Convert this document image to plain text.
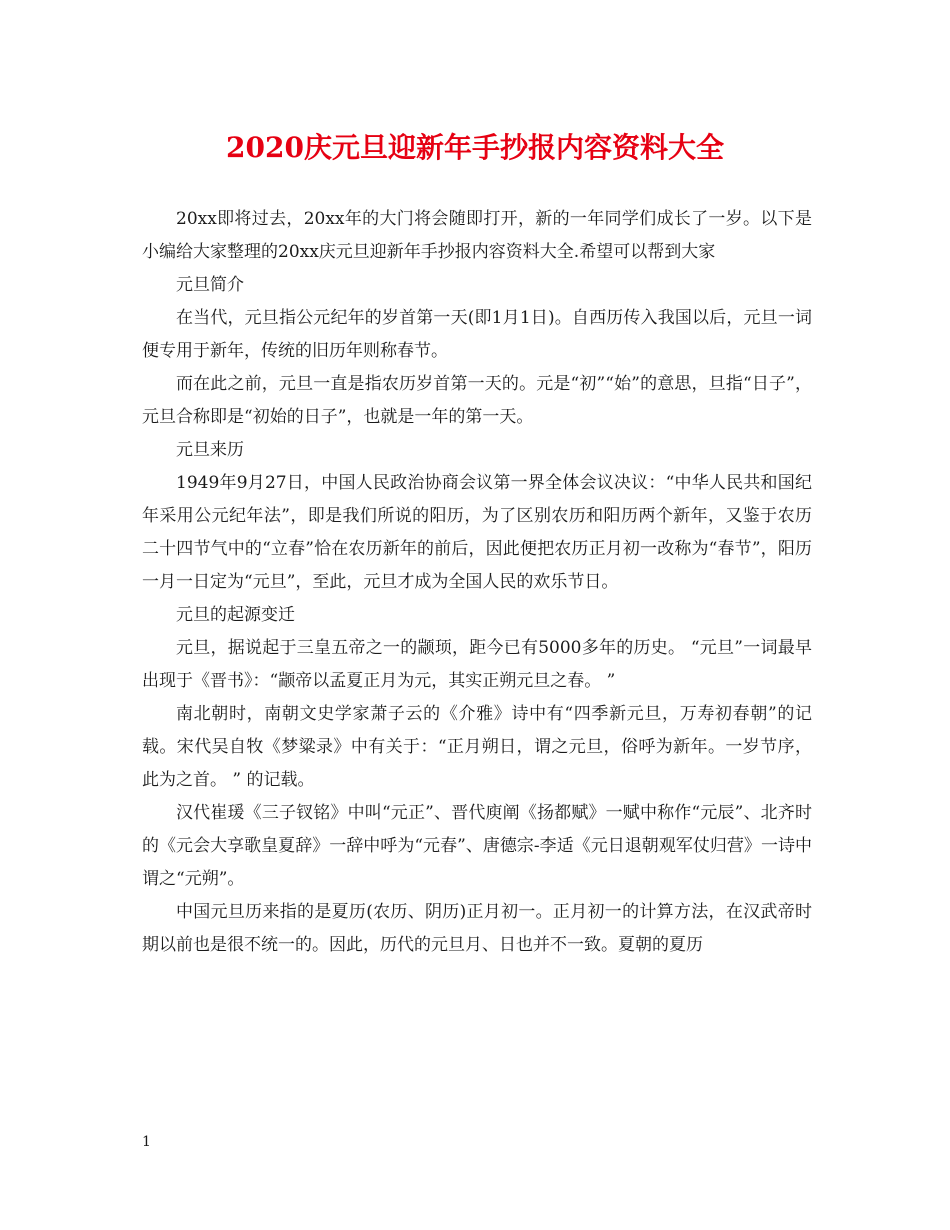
2020庆元旦迎新年手抄报内容资料大全

20xx即将过去，20xx年的大门将会随即打开，新的一年同学们成长了一岁。以下是小编给大家整理的20xx庆元旦迎新年手抄报内容资料大全.希望可以帮到大家

元旦简介

在当代，元旦指公元纪年的岁首第一天(即1月1日)。自西历传入我国以后，元旦一词便专用于新年，传统的旧历年则称春节。

而在此之前，元旦一直是指农历岁首第一天的。元是“初”“始”的意思，旦指“日子”，元旦合称即是“初始的日子”，也就是一年的第一天。

元旦来历

1949年9月27日，中国人民政治协商会议第一界全体会议决议：“中华人民共和国纪年采用公元纪年法”，即是我们所说的阳历，为了区别农历和阳历两个新年，又鉴于农历二十四节气中的“立春”恰在农历新年的前后，因此便把农历正月初一改称为“春节”，阳历一月一日定为“元旦”，至此，元旦才成为全国人民的欢乐节日。

元旦的起源变迁

元旦，据说起于三皇五帝之一的颛顼，距今已有5000多年的历史。 “元旦”一词最早出现于《晋书》：“颛帝以孟夏正月为元，其实正朔元旦之春。 ”

南北朝时，南朝文史学家萧子云的《介雅》诗中有“四季新元旦，万寿初春朝”的记载。宋代吴自牧《梦粱录》中有关于：“正月朔日，谓之元旦，俗呼为新年。一岁节序，此为之首。 ” 的记载。

汉代崔瑗《三子钗铭》中叫“元正”、晋代庾阐《扬都赋》一赋中称作“元辰”、北齐时的《元会大享歌皇夏辞》一辞中呼为“元春”、唐德宗-李适《元日退朝观军仗归营》一诗中谓之“元朔”。

中国元旦历来指的是夏历(农历、阴历)正月初一。正月初一的计算方法，在汉武帝时期以前也是很不统一的。因此，历代的元旦月、日也并不一致。夏朝的夏历

1
